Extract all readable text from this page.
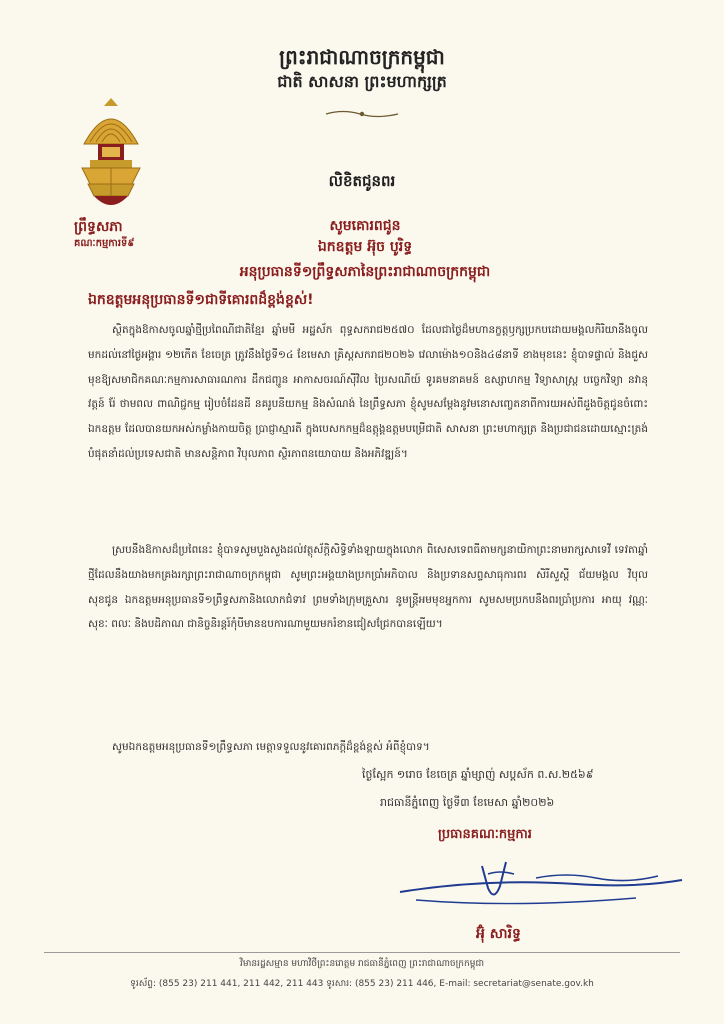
ព្រះរាជាណាចក្រកម្ពុជា
ជាតិ សាសនា ព្រះមហាក្សត្រ
ព្រឹទ្ធសភា
គណៈកម្មការទី៩
លិខិតជូនពរ
សូមគោរពជូន
ឯកឧត្តម អ៊ុច បូរិទ្ធ
អនុប្រធានទី១ព្រឹទ្ធសភានៃព្រះរាជាណាចក្រកម្ពុជា
ឯកឧត្តមអនុប្រធានទី១ជាទីគោរពដ៏ខ្ពង់ខ្ពស់!
ស្ថិតក្នុងឱកាសចូលឆ្នាំថ្មីប្រពៃណីជាតិខ្មែរ ឆ្នាំមមី អដ្ឋស័ក ពុទ្ធសករាជ២៥៧០ ដែលជាថ្ងៃដ៏មហានក្ខត្តឫក្សប្រកបដោយមង្គលកិរិយានឹងចូលមកដល់នៅថ្ងៃអង្គារ ១២កើត ខែចេត្រ ត្រូវនឹងថ្ងៃទី១៤ ខែមេសា គ្រិស្តសករាជ២០២៦ វេលាម៉ោង១០និង៤៨នាទី ខាងមុខនេះ ខ្ញុំបាទផ្ទាល់ និងជួសមុខឱ្យសមាជិកគណៈកម្មការសាធារណការ ដឹកជញ្ជូន អាកាសចរណ៍ស៊ីវិល ប្រៃសណីយ៍ ទូរគមនាគមន៍ ឧស្សាហកម្ម វិទ្យាសាស្ត្រ បច្ចេកវិទ្យា នវានុវត្តន៍ រ៉ែ ថាមពល ពាណិជ្ជកម្ម រៀបចំដែនដី នគរូបនីយកម្ម និងសំណង់ នៃព្រឹទ្ធសភា ខ្ញុំសូមសម្តែងនូវមនោសញ្ចេតនាពីការយអស់ពីដួងចិត្តជូនចំពោះ ឯកឧត្តម ដែលបានយកអស់កម្លាំងកាយចិត្ត ប្រាជ្ញាស្មារតី ក្នុងបេសកកម្មដ៏ឧត្តុង្គឧត្តមបម្រើជាតិ សាសនា ព្រះមហាក្សត្រ និងប្រជាជនដោយស្មោះត្រង់បំផុតនាំដល់ប្រទេសជាតិ មានសន្តិភាព វិបុលភាព ស្ថិរភាពនយោបាយ និងអភិវឌ្ឍន៍។
ស្របនឹងឱកាសដ៏ប្រពៃនេះ ខ្ញុំបាទសូមបួងសួងដល់វត្ថុស័ក្តិសិទ្ធិទាំងឡាយក្នុងលោក ពិសេសទេពធីតាមក្សនាយិកាព្រះនាមរាក្សសាទេវី ទេវតាឆ្នាំថ្មីដែលនឹងយាងមកគ្រងរក្សាព្រះរាជាណាចក្រកម្ពុជា សូមព្រះអង្គយាងប្រកប្រាំអភិបាល និងប្រទានសព្ទសាធុការពរ សិរីសួស្តី ជ័យមង្គល វិបុលសុខជូន ឯកឧត្តមអនុប្រធានទី១ព្រឹទ្ធសភានិងលោកជំទាវ ព្រមទាំងក្រុមគ្រួសារ នូមន្ត្រីអមមុខអ្នកការ សូមសមប្រកបនឹងពរប្រាំប្រការ អាយុ វណ្ណៈ សុខៈ ពលៈ និងបដិភាណ ជានិច្ចនិរន្តរ៍កុំបីមានឧបការណាមួយមករំខានជៀសជ្រែកបានឡើយ។
សូមឯកឧត្តមអនុប្រធានទី១ព្រឹទ្ធសភា មេត្តាទទួលនូវគោរពភក្តីដ៏ខ្ពង់ខ្ពស់ អំពីខ្ញុំបាទ។
ថ្ងៃស្អែក ១រោច ខែចេត្រ ឆ្នាំម្សាញ់ សប្តស័ក ព.ស.២៥៦៩
រាជធានីភ្នំពេញ ថ្ងៃទី៣ ខែមេសា ឆ្នាំ២០២៦
ប្រធានគណៈកម្មការ
អ៊ុំ សារិទ្ធ
វិមានរដ្ឋសម្មាន មហាវិថីព្រះនរោត្តម រាជធានីភ្នំពេញ ព្រះរាជាណាចក្រកម្ពុជា
ទូរស័ព្ទ: (855 23) 211 441, 211 442, 211 443 ទូរសារ: (855 23) 211 446, E-mail: secretariat@senate.gov.kh
